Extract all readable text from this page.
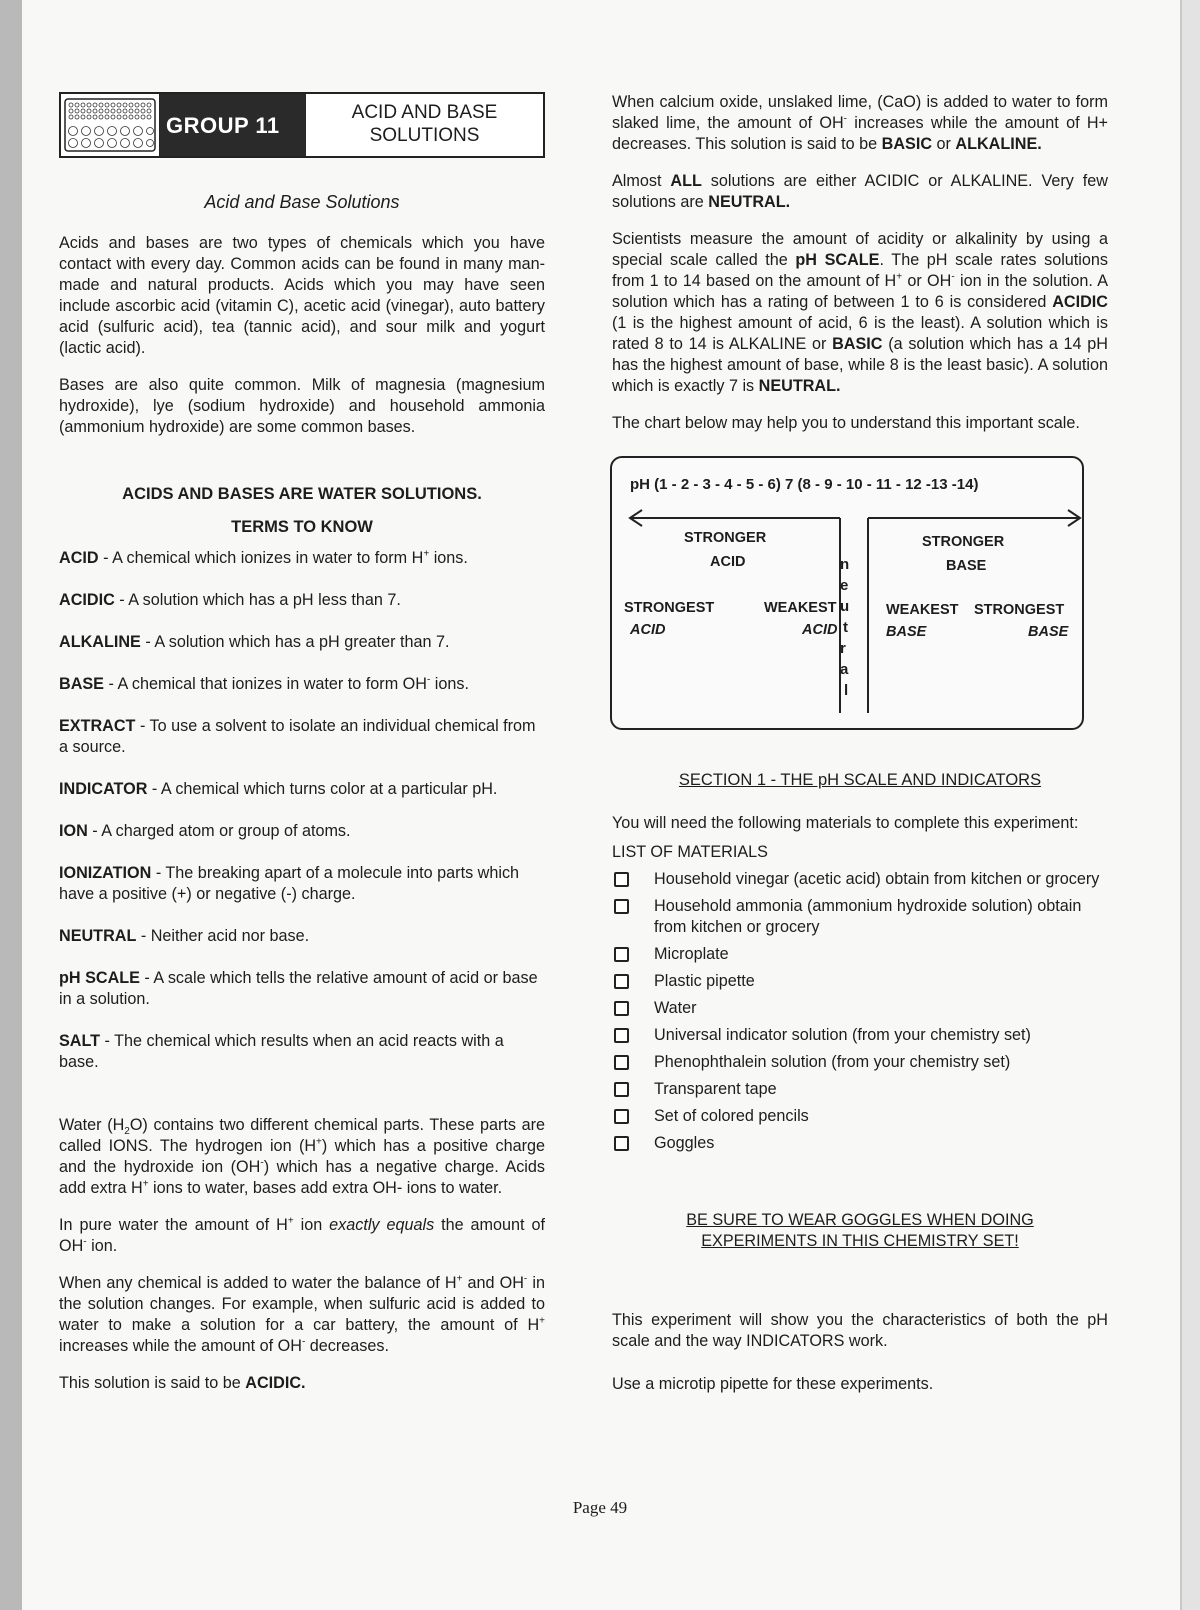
GROUP 11	ACID AND BASE
SOLUTIONS
Acid and Base Solutions

Acids and bases are two types of chemicals which you have contact with every day. Common acids can be found in many man-made and natural products. Acids which you may have seen include ascorbic acid (vitamin C), acetic acid (vinegar), auto battery acid (sulfuric acid), tea (tannic acid), and sour milk and yogurt (lactic acid).

Bases are also quite common. Milk of magnesia (magnesium hydroxide), lye (sodium hydroxide) and household ammonia (ammonium hydroxide) are some common bases.

ACIDS AND BASES ARE WATER SOLUTIONS.

TERMS TO KNOW

ACID - A chemical which ionizes in water to form H+ ions.

ACIDIC - A solution which has a pH less than 7.

ALKALINE - A solution which has a pH greater than 7.

BASE - A chemical that ionizes in water to form OH- ions.

EXTRACT - To use a solvent to isolate an individual chemical from a source.

INDICATOR - A chemical which turns color at a particular pH.

ION - A charged atom or group of atoms.

IONIZATION - The breaking apart of a molecule into parts which have a positive (+) or negative (-) charge.

NEUTRAL - Neither acid nor base.

pH SCALE - A scale which tells the relative amount of acid or base in a solution.

SALT - The chemical which results when an acid reacts with a base.

Water $(H_2O)$ contains two different chemical parts. These parts are called IONS. The hydrogen ion (H+) which has a positive charge and the hydroxide ion (OH-) which has a negative charge. Acids add extra H+ ions to water, bases add extra OH- ions to water.

In pure water the amount of H+ ion exactly equals the amount of OH- ion.

When any chemical is added to water the balance of H+ and OH- in the solution changes. For example, when sulfuric acid is added to water to make a solution for a car battery, the amount of H+ increases while the amount of OH- decreases.

This solution is said to be ACIDIC.

When calcium oxide, unslaked lime, (CaO) is added to water to form slaked lime, the amount of OH- increases while the amount of H+ decreases. This solution is said to be BASIC or ALKALINE.

Almost ALL solutions are either ACIDIC or ALKALINE. Very few solutions are NEUTRAL.

Scientists measure the amount of acidity or alkalinity by using a special scale called the pH SCALE. The pH scale rates solutions from 1 to 14 based on the amount of H+ or OH- ion in the solution. A solution which has a rating of between 1 to 6 is considered ACIDIC (1 is the highest amount of acid, 6 is the least). A solution which is rated 8 to 14 is ALKALINE or BASIC (a solution which has a 14 pH has the highest amount of base, while 8 is the least basic). A solution which is exactly 7 is NEUTRAL.

The chart below may help you to understand this important scale.

pH (1 - 2 - 3 - 4 - 5 - 6) 7 (8 - 9 - 10 - 11 - 12 -13 -14)
STRONGER
ACID
STRONGER
BASE
STRONGEST
ACID
WEAKEST
ACID
WEAKEST
BASE
STRONGEST
BASE
n
e
u
t
r
a
l

SECTION 1 - THE pH SCALE AND INDICATORS

You will need the following materials to complete this experiment:

LIST OF MATERIALS

Household vinegar (acetic acid) obtain from kitchen or grocery
Household ammonia (ammonium hydroxide solution) obtain from kitchen or grocery
Microplate
Plastic pipette
Water
Universal indicator solution (from your chemistry set)
Phenophthalein solution (from your chemistry set)
Transparent tape
Set of colored pencils
Goggles
BE SURE TO WEAR GOGGLES WHEN DOING
EXPERIMENTS IN THIS CHEMISTRY SET!

This experiment will show you the characteristics of both the pH scale and the way INDICATORS work.

Use a microtip pipette for these experiments.

Page 49
